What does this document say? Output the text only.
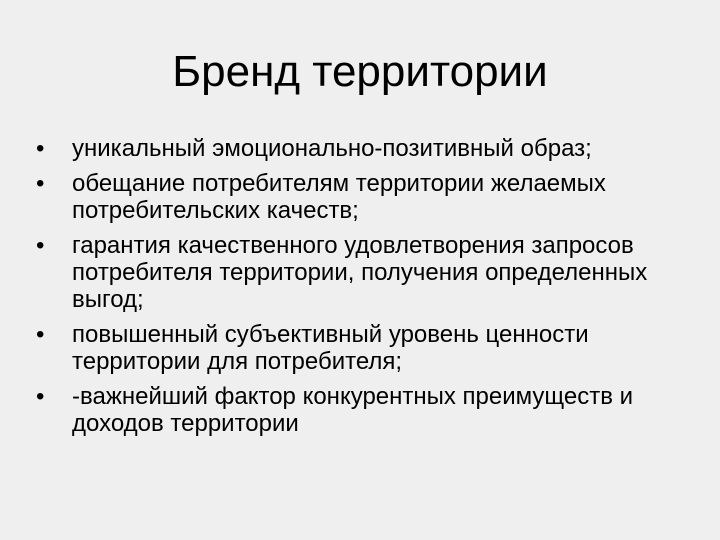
Бренд территории
•	уникальный эмоционально-позитивный образ;
•	обещание потребителям территории желаемых потребительских качеств;
•	гарантия качественного удовлетворения запросов потребителя территории, получения определенных выгод;
•	повышенный субъективный уровень ценности территории для потребителя;
•	-важнейший фактор конкурентных преимуществ и доходов территории
